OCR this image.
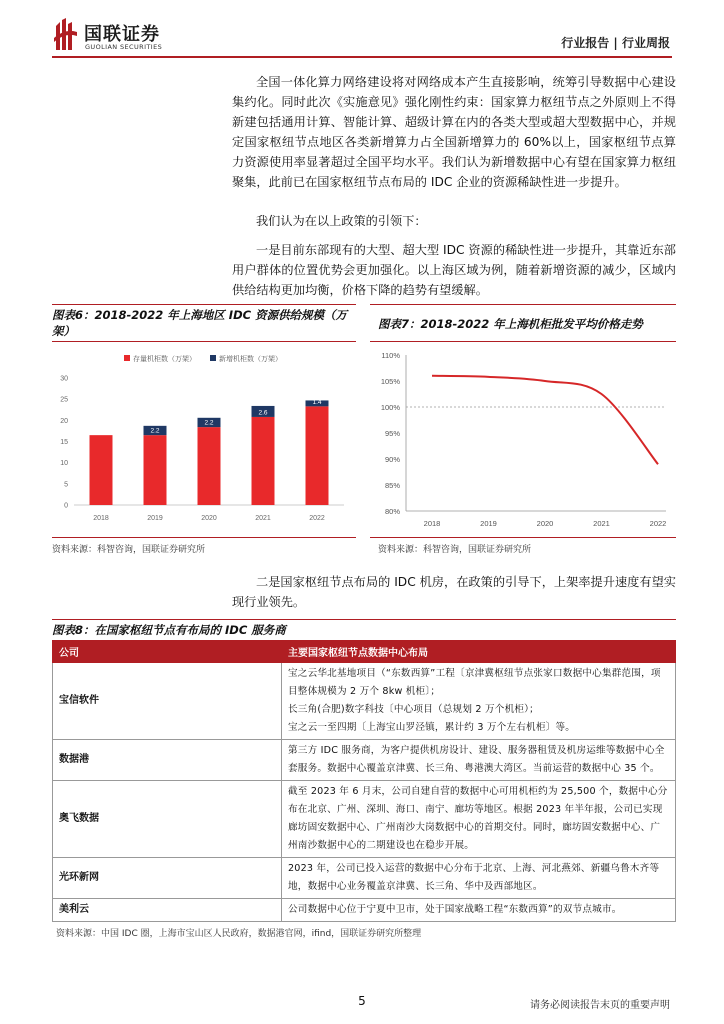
国联证券
GUOLIAN SECURITIES	行业报告 | 行业周报

全国一体化算力网络建设将对网络成本产生直接影响，统筹引导数据中心建设集约化。同时此次《实施意见》强化刚性约束：国家算力枢纽节点之外原则上不得新建包括通用计算、智能计算、超级计算在内的各类大型或超大型数据中心，并规定国家枢纽节点地区各类新增算力占全国新增算力的 60%以上，国家枢纽节点算力资源使用率显著超过全国平均水平。我们认为新增数据中心有望在国家算力枢纽聚集，此前已在国家枢纽节点布局的 IDC 企业的资源稀缺性进一步提升。

我们认为在以上政策的引领下：

一是目前东部现有的大型、超大型 IDC 资源的稀缺性进一步提升，其靠近东部用户群体的位置优势会更加强化。以上海区域为例，随着新增资源的减少，区域内供给结构更加均衡，价格下降的趋势有望缓解。

图表6：2018-2022 年上海地区 IDC 资源供给规模（万架）
存量机柜数（万架）	新增机柜数（万架）
0
5
10
15
20
25
30
2018
2.2
2019
2.2
2020
2.6
2021
1.4
2022
资料来源：科智咨询，国联证券研究所
图表7：2018-2022 年上海机柜批发平均价格走势
80%
85%
90%
95%
100%
105%
110%
2018	2019	2020	2021	2022
资料来源：科智咨询，国联证券研究所

二是国家枢纽节点布局的 IDC 机房，在政策的引导下，上架率提升速度有望实现行业领先。

图表8：在国家枢纽节点有布局的 IDC 服务商
公司	主要国家枢纽节点数据中心布局
宝信软件	宝之云华北基地项目（“东数西算”工程〔京津冀枢纽节点张家口数据中心集群范围，项目整体规模为 2 万个 8kw 机柜〕；
长三角(合肥)数字科技〔中心项目（总规划 2 万个机柜）；
宝之云一至四期〔上海宝山罗泾镇，累计约 3 万个左右机柜〕等。

数据港	第三方 IDC 服务商，为客户提供机房设计、建设、服务器租赁及机房运维等数据中心全套服务。数据中心覆盖京津冀、长三角、粤港澳大湾区。当前运营的数据中心 35 个。

奥飞数据	截至 2023 年 6 月末，公司自建自营的数据中心可用机柜约为 25,500 个，数据中心分布在北京、广州、深圳、海口、南宁、廊坊等地区。根据 2023 年半年报，公司已实现廊坊固安数据中心、广州南沙大岗数据中心的首期交付。同时，廊坊固安数据中心、广州南沙数据中心的二期建设也在稳步开展。

光环新网	2023 年，公司已投入运营的数据中心分布于北京、上海、河北燕郊、新疆乌鲁木齐等地，数据中心业务覆盖京津冀、长三角、华中及西部地区。

美利云	公司数据中心位于宁夏中卫市，处于国家战略工程“东数西算”的双节点城市。
资料来源：中国 IDC 圈，上海市宝山区人民政府，数据港官网，ifind，国联证券研究所整理
5	请务必阅读报告末页的重要声明
